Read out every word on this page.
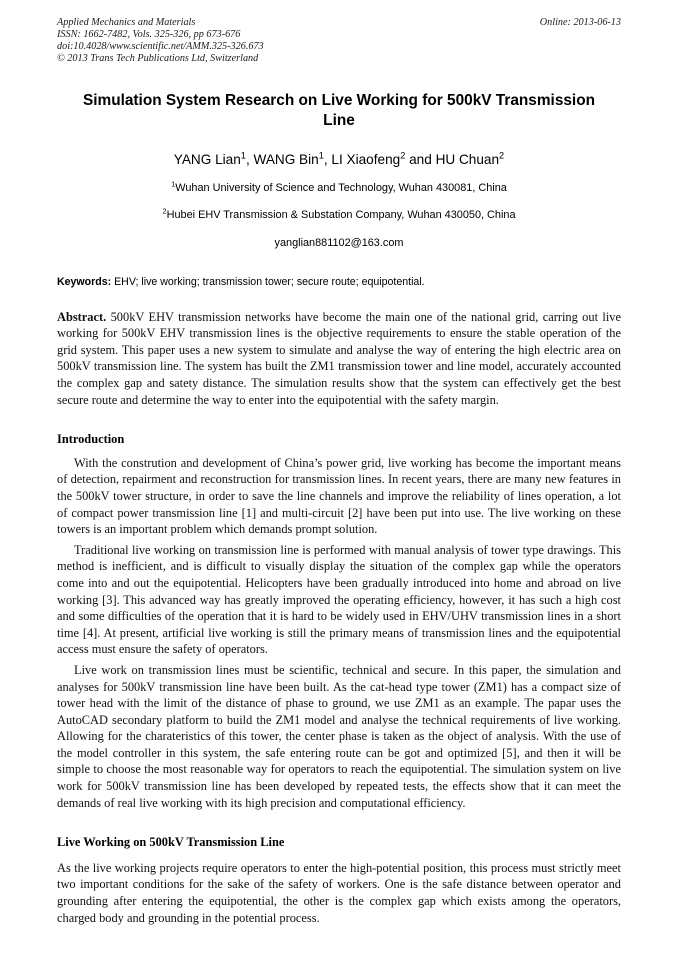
Applied Mechanics and Materials
ISSN: 1662-7482, Vols. 325-326, pp 673-676
doi:10.4028/www.scientific.net/AMM.325-326.673
© 2013 Trans Tech Publications Ltd, Switzerland
Online: 2013-06-13
Simulation System Research on Live Working for 500kV Transmission Line
YANG Lian$^1$, WANG Bin$^1$, LI Xiaofeng$^2$ and HU Chuan$^2$
$^1$Wuhan University of Science and Technology, Wuhan 430081, China
$^2$Hubei EHV Transmission & Substation Company, Wuhan 430050, China
yanglian881102@163.com
Keywords: EHV; live working; transmission tower; secure route; equipotential.
Abstract. 500kV EHV transmission networks have become the main one of the national grid, carring out live working for 500kV EHV transmission lines is the objective requirements to ensure the stable operation of the grid system. This paper uses a new system to simulate and analyse the way of entering the high electric area on 500kV transmission line. The system has built the ZM1 transmission tower and line model, accurately accounted the complex gap and satety distance. The simulation results show that the system can effectively get the best secure route and determine the way to enter into the equipotential with the safety margin.
Introduction

With the constrution and development of China’s power grid, live working has become the important means of detection, repairment and reconstruction for transmission lines. In recent years, there are many new features in the 500kV tower structure, in order to save the line channels and improve the reliability of lines operation, a lot of compact power transmission line [1] and multi-circuit [2] have been put into use. The live working on these towers is an important problem which demands prompt solution.

Traditional live working on transmission line is performed with manual analysis of tower type drawings. This method is inefficient, and is difficult to visually display the situation of the complex gap while the operators come into and out the equipotential. Helicopters have been gradually introduced into home and abroad on live working [3]. This advanced way has greatly improved the operating efficiency, however, it has such a high cost and some difficulties of the operation that it is hard to be widely used in EHV/UHV transmission lines in a short time [4]. At present, artificial live working is still the primary means of transmission lines and the equipotential access must ensure the safety of operators.

Live work on transmission lines must be scientific, technical and secure. In this paper, the simulation and analyses for 500kV transmission line have been built. As the cat-head type tower (ZM1) has a compact size of tower head with the limit of the distance of phase to ground, we use ZM1 as an example. The papar uses the AutoCAD secondary platform to build the ZM1 model and analyse the technical requirements of live working. Allowing for the charateristics of this tower, the center phase is taken as the object of analysis. With the use of the model controller in this system, the safe entering route can be got and optimized [5], and then it will be simple to choose the most reasonable way for operators to reach the equipotential. The simulation system on live work for 500kV transmission line has been developed by repeated tests, the effects show that it can meet the demands of real live working with its high precision and computational efficiency.

Live Working on 500kV Transmission Line

As the live working projects require operators to enter the high-potential position, this process must strictly meet two important conditions for the sake of the safety of workers. One is the safe distance between operator and grounding after entering the equipotential, the other is the complex gap which exists among the operators, charged body and grounding in the potential process.
